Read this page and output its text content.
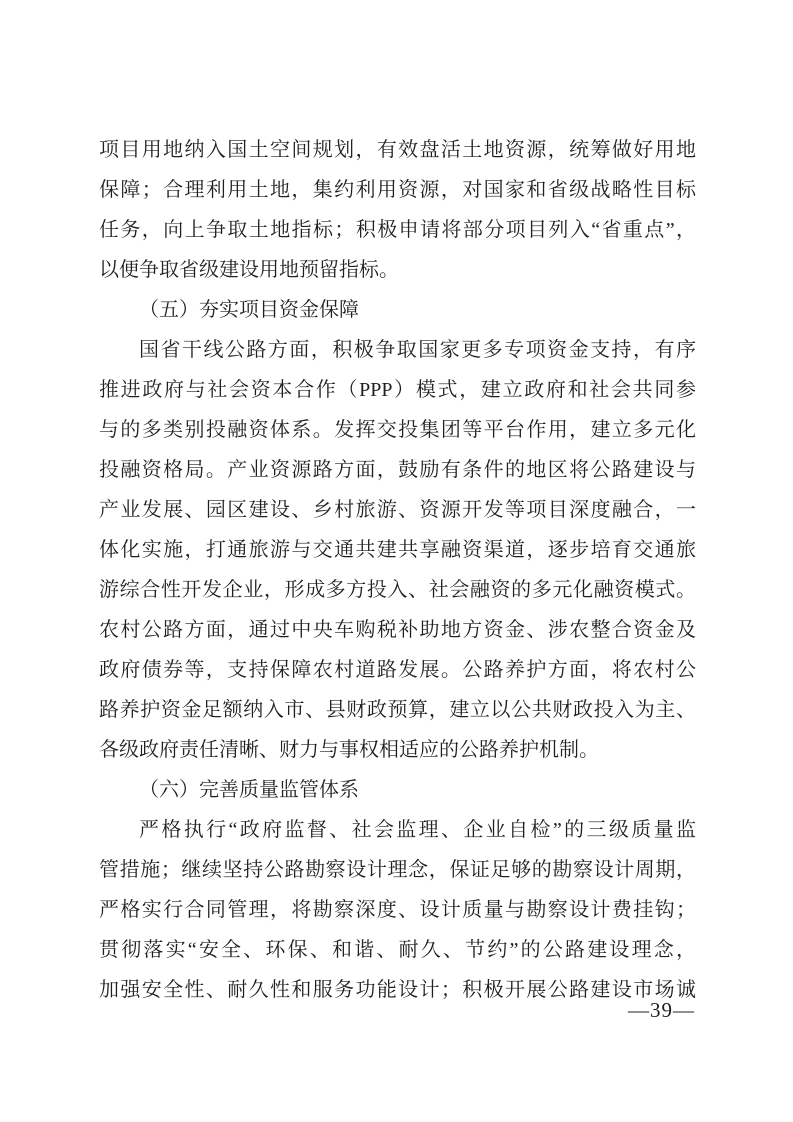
项目用地纳入国土空间规划，有效盘活土地资源，统筹做好用地
保障；合理利用土地，集约利用资源，对国家和省级战略性目标
任务，向上争取土地指标；积极申请将部分项目列入“省重点”，
以便争取省级建设用地预留指标。
（五）夯实项目资金保障
国省干线公路方面，积极争取国家更多专项资金支持，有序
推进政府与社会资本合作（PPP）模式，建立政府和社会共同参
与的多类别投融资体系。发挥交投集团等平台作用，建立多元化
投融资格局。产业资源路方面，鼓励有条件的地区将公路建设与
产业发展、园区建设、乡村旅游、资源开发等项目深度融合，一
体化实施，打通旅游与交通共建共享融资渠道，逐步培育交通旅
游综合性开发企业，形成多方投入、社会融资的多元化融资模式。
农村公路方面，通过中央车购税补助地方资金、涉农整合资金及
政府债券等，支持保障农村道路发展。公路养护方面，将农村公
路养护资金足额纳入市、县财政预算，建立以公共财政投入为主、
各级政府责任清晰、财力与事权相适应的公路养护机制。
（六）完善质量监管体系
严格执行“政府监督、社会监理、企业自检”的三级质量监
管措施；继续坚持公路勘察设计理念，保证足够的勘察设计周期，
严格实行合同管理，将勘察深度、设计质量与勘察设计费挂钩；
贯彻落实“安全、环保、和谐、耐久、节约”的公路建设理念，
加强安全性、耐久性和服务功能设计；积极开展公路建设市场诚
—39—
